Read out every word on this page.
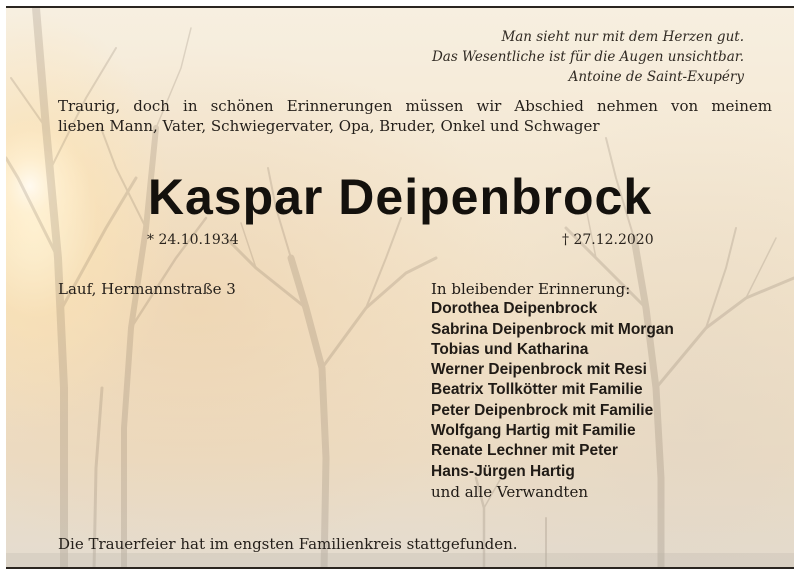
Man sieht nur mit dem Herzen gut.
Das Wesentliche ist für die Augen unsichtbar.
Antoine de Saint-Exupéry
Traurig, doch in schönen Erinnerungen müssen wir Abschied nehmen von meinem
lieben Mann, Vater, Schwiegervater, Opa, Bruder, Onkel und Schwager
Kaspar Deipenbrock
* 24.10.1934	† 27.12.2020
Lauf, Hermannstraße 3	In bleibender Erinnerung:
Dorothea Deipenbrock
Sabrina Deipenbrock mit Morgan
Tobias und Katharina
Werner Deipenbrock mit Resi
Beatrix Tollkötter mit Familie
Peter Deipenbrock mit Familie
Wolfgang Hartig mit Familie
Renate Lechner mit Peter
Hans-Jürgen Hartig
und alle Verwandten
Die Trauerfeier hat im engsten Familienkreis stattgefunden.
